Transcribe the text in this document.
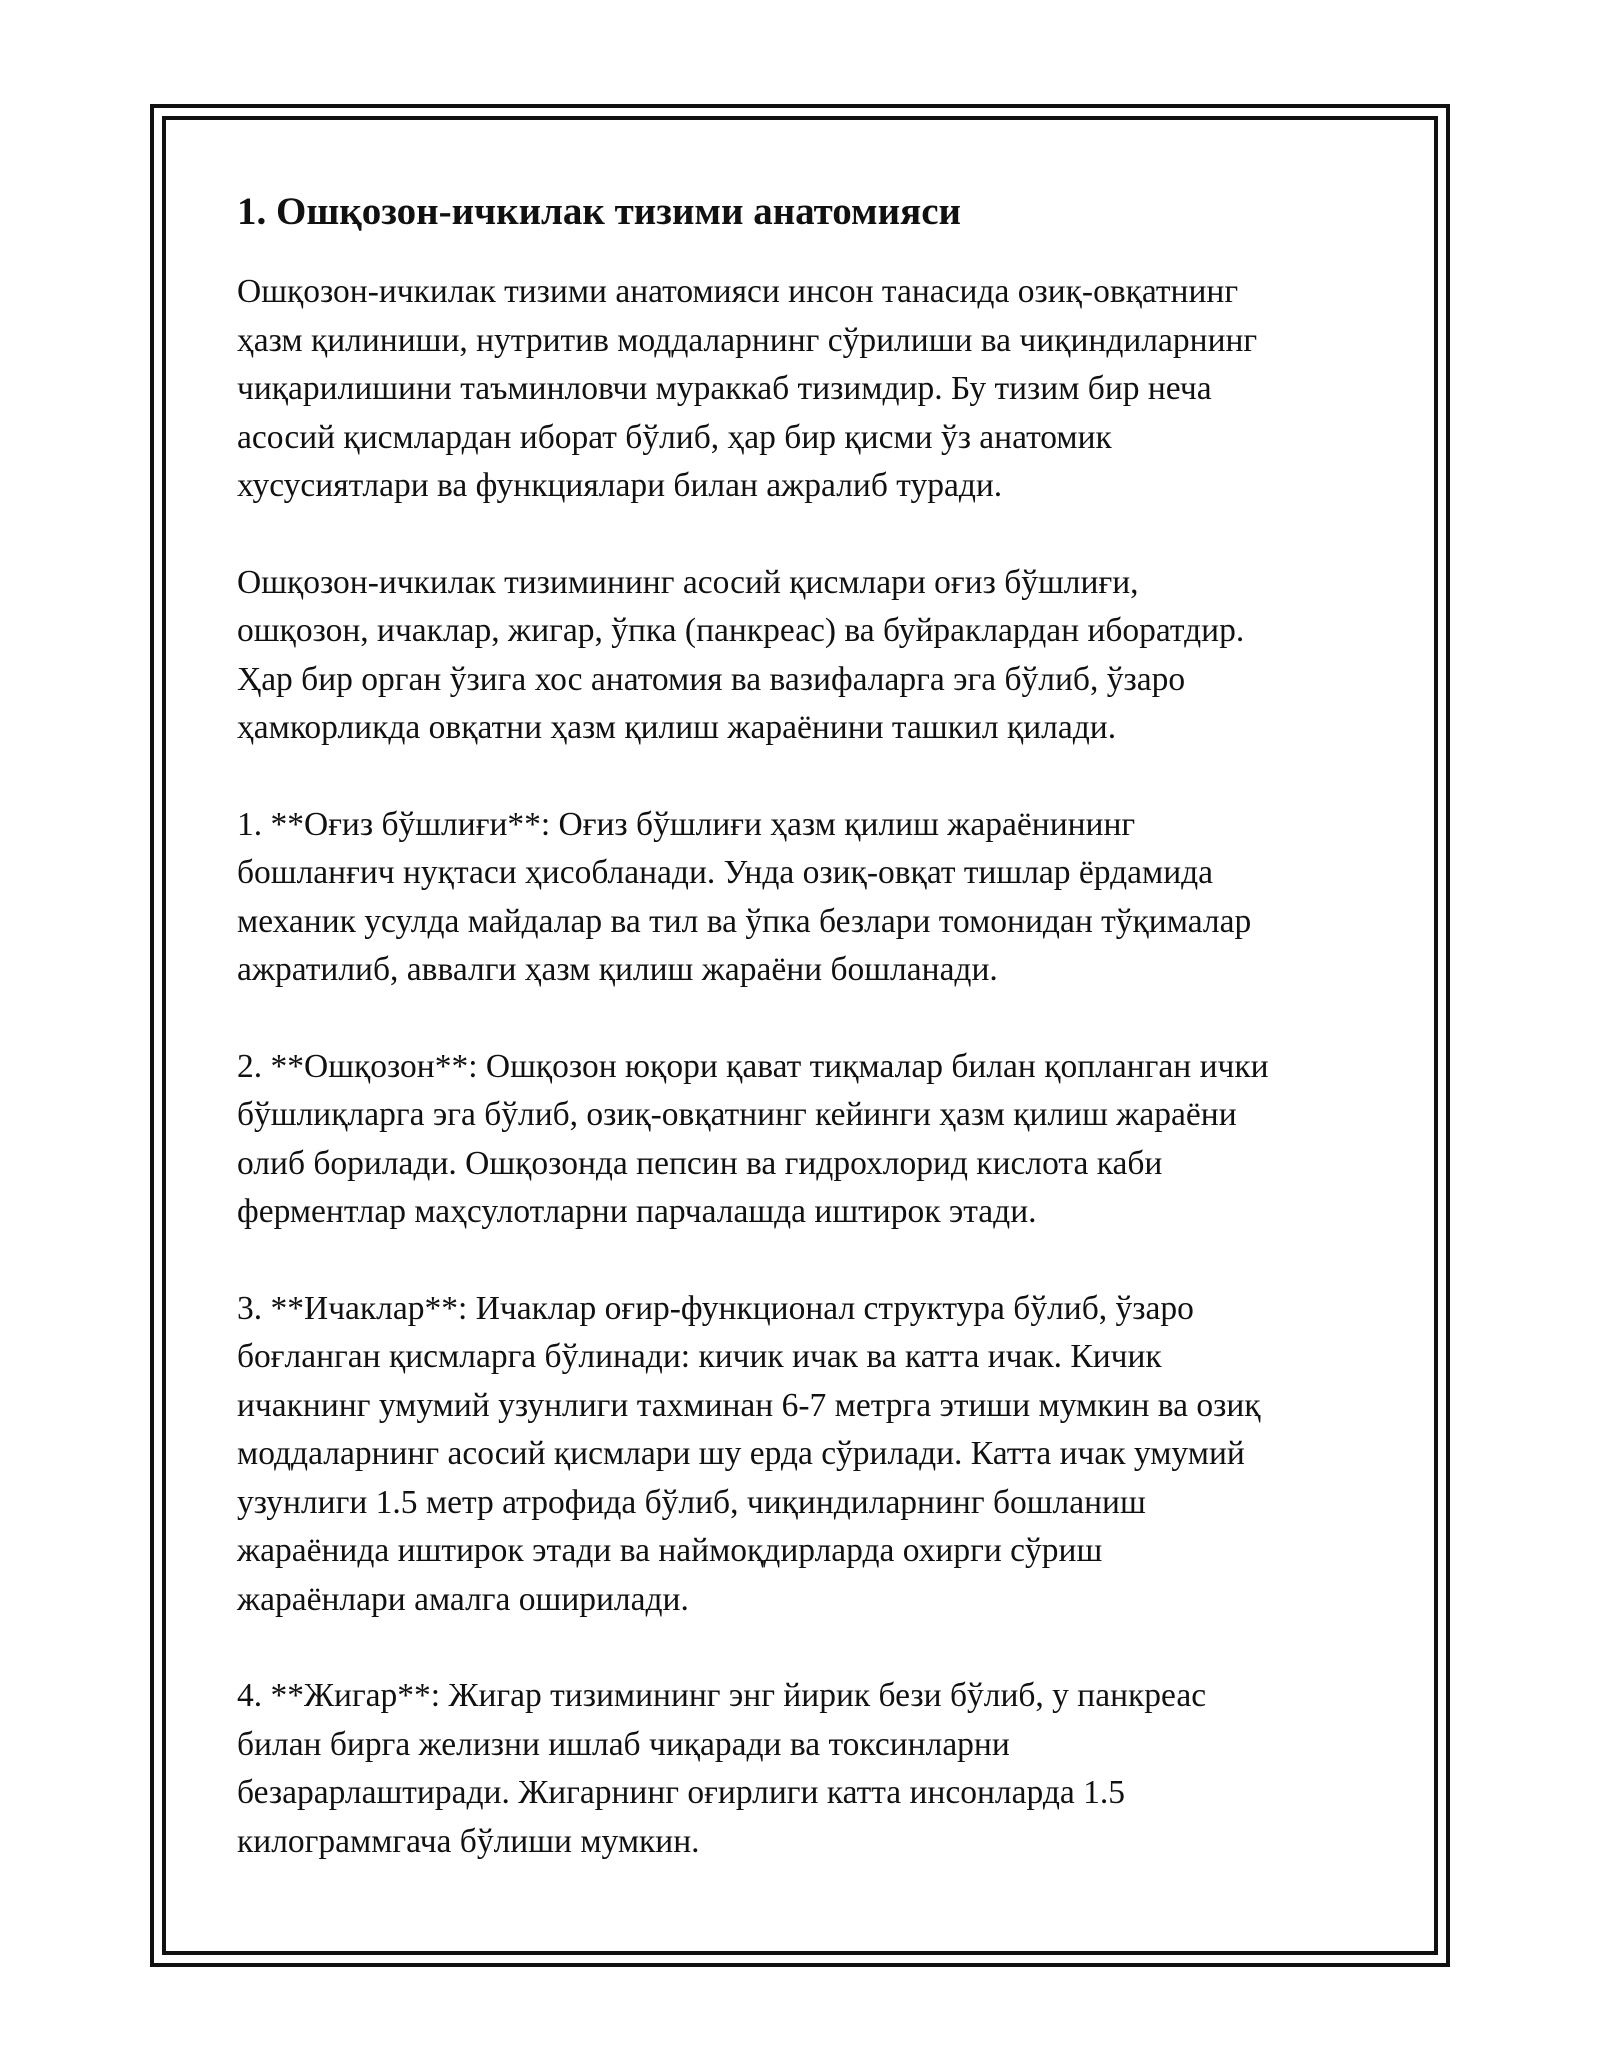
1. Ошқозон-ичкилак тизими анатомияси

Ошқозон-ичкилак тизими анатомияси инсон танасида озиқ-овқатнинг
ҳазм қилиниши, нутритив моддаларнинг сўрилиши ва чиқиндиларнинг
чиқарилишини таъминловчи мураккаб тизимдир. Бу тизим бир неча
асосий қисмлардан иборат бўлиб, ҳар бир қисми ўз анатомик
хусусиятлари ва функциялари билан ажралиб туради.

Ошқозон-ичкилак тизимининг асосий қисмлари оғиз бўшлиғи,
ошқозон, ичаклар, жигар, ўпка (панкреас) ва буйраклардан иборатдир.
Ҳар бир орган ўзига хос анатомия ва вазифаларга эга бўлиб, ўзаро
ҳамкорликда овқатни ҳазм қилиш жараёнини ташкил қилади.

1. **Оғиз бўшлиғи**: Оғиз бўшлиғи ҳазм қилиш жараёнининг
бошланғич нуқтаси ҳисобланади. Унда озиқ-овқат тишлар ёрдамида
механик усулда майдалар ва тил ва ўпка безлари томонидан тўқималар
ажратилиб, аввалги ҳазм қилиш жараёни бошланади.

2. **Ошқозон**: Ошқозон юқори қават тиқмалар билан қопланган ички
бўшлиқларга эга бўлиб, озиқ-овқатнинг кейинги ҳазм қилиш жараёни
олиб борилади. Ошқозонда пепсин ва гидрохлорид кислота каби
ферментлар маҳсулотларни парчалашда иштирок этади.

3. **Ичаклар**: Ичаклар оғир-функционал структура бўлиб, ўзаро
боғланган қисмларга бўлинади: кичик ичак ва катта ичак. Кичик
ичакнинг умумий узунлиги тахминан 6-7 метрга этиши мумкин ва озиқ
моддаларнинг асосий қисмлари шу ерда сўрилади. Катта ичак умумий
узунлиги 1.5 метр атрофида бўлиб, чиқиндиларнинг бошланиш
жараёнида иштирок этади ва наймоқдирларда охирги сўриш
жараёнлари амалга оширилади.

4. **Жигар**: Жигар тизимининг энг йирик бези бўлиб, у панкреас
билан бирга желизни ишлаб чиқаради ва токсинларни
безарарлаштиради. Жигарнинг оғирлиги катта инсонларда 1.5
килограммгача бўлиши мумкин.
